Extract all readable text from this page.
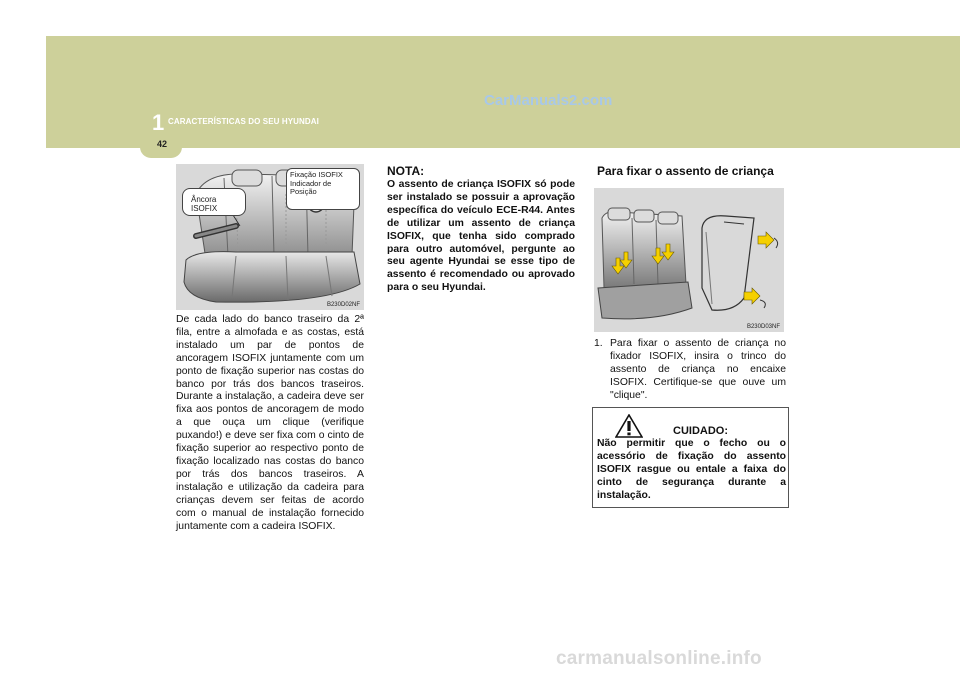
1 CARACTERÍSTICAS DO SEU HYUNDAI
CarManuals2.com
42
Âncora ISOFIX
Fixação ISOFIX Indicador de Posição
B230D02NF
De cada lado do banco traseiro da 2ª fila, entre a almofada e as costas, está instalado um par de pontos de ancoragem ISOFIX juntamente com um ponto de fixação superior nas costas do banco por trás dos bancos traseiros. Durante a instalação, a cadeira deve ser fixa aos pontos de ancoragem de modo a que ouça um clique (verifique puxando!) e deve ser fixa com o cinto de fixação superior ao respectivo ponto de fixação localizado nas costas do banco por trás dos bancos traseiros. A instalação e utilização da cadeira para crianças devem ser feitas de acordo com o manual de instalação fornecido juntamente com a cadeira ISOFIX.
NOTA:
O assento de criança ISOFIX só pode ser instalado se possuir a aprovação específica do veículo ECE-R44. Antes de utilizar um assento de criança ISOFIX, que tenha sido comprado para outro automóvel, pergunte ao seu agente Hyundai se esse tipo de assento é recomendado ou aprovado para o seu Hyundai.
Para fixar o assento de criança
B230D03NF
1. Para fixar o assento de criança no fixador ISOFIX, insira o trinco do assento de criança no encaixe ISOFIX. Certifique-se que ouve um "clique".
CUIDADO:
Não permitir que o fecho ou o acessório de fixação do assento ISOFIX rasgue ou entale a faixa do cinto de segurança durante a instalação.
carmanualsonline.info
